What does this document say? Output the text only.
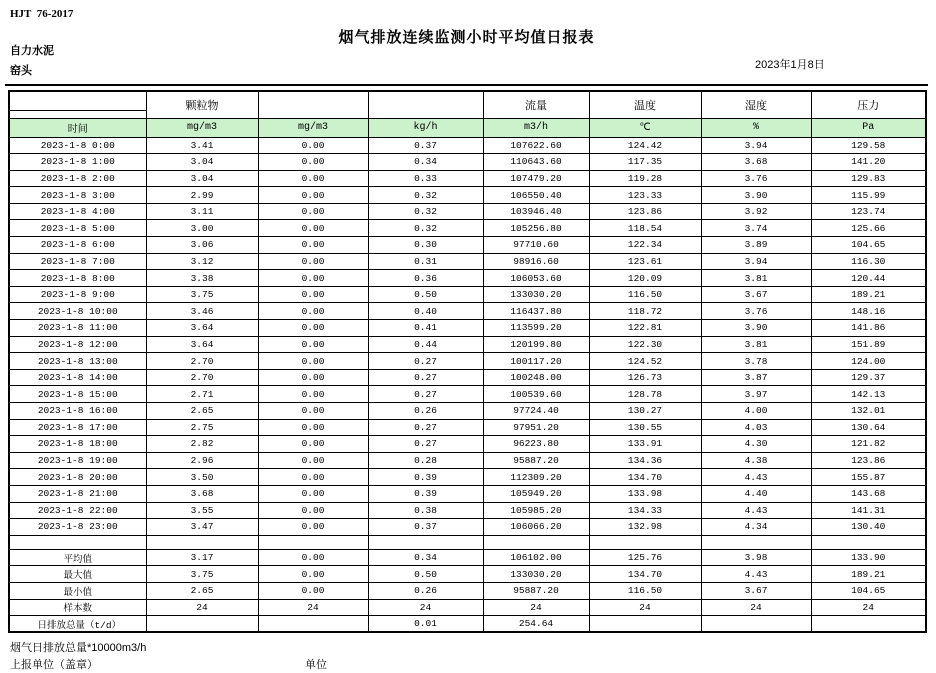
HJT  76-2017
烟气排放连续监测小时平均值日报表
自力水泥
窑头	2023年1月8日
	颗粒物			流量	温度	湿度	压力
时间	mg/m3	mg/m3	kg/h	m3/h	℃	%	Pa
2023-1-8 0:00	3.41	0.00	0.37	107622.60	124.42	3.94	129.58
2023-1-8 1:00	3.04	0.00	0.34	110643.60	117.35	3.68	141.20
2023-1-8 2:00	3.04	0.00	0.33	107479.20	119.28	3.76	129.83
2023-1-8 3:00	2.99	0.00	0.32	106550.40	123.33	3.90	115.99
2023-1-8 4:00	3.11	0.00	0.32	103946.40	123.86	3.92	123.74
2023-1-8 5:00	3.00	0.00	0.32	105256.80	118.54	3.74	125.66
2023-1-8 6:00	3.06	0.00	0.30	97710.60	122.34	3.89	104.65
2023-1-8 7:00	3.12	0.00	0.31	98916.60	123.61	3.94	116.30
2023-1-8 8:00	3.38	0.00	0.36	106053.60	120.09	3.81	120.44
2023-1-8 9:00	3.75	0.00	0.50	133030.20	116.50	3.67	189.21
2023-1-8 10:00	3.46	0.00	0.40	116437.80	118.72	3.76	148.16
2023-1-8 11:00	3.64	0.00	0.41	113599.20	122.81	3.90	141.86
2023-1-8 12:00	3.64	0.00	0.44	120199.80	122.30	3.81	151.89
2023-1-8 13:00	2.70	0.00	0.27	100117.20	124.52	3.78	124.00
2023-1-8 14:00	2.70	0.00	0.27	100248.00	126.73	3.87	129.37
2023-1-8 15:00	2.71	0.00	0.27	100539.60	128.78	3.97	142.13
2023-1-8 16:00	2.65	0.00	0.26	97724.40	130.27	4.00	132.01
2023-1-8 17:00	2.75	0.00	0.27	97951.20	130.55	4.03	130.64
2023-1-8 18:00	2.82	0.00	0.27	96223.80	133.91	4.30	121.82
2023-1-8 19:00	2.96	0.00	0.28	95887.20	134.36	4.38	123.86
2023-1-8 20:00	3.50	0.00	0.39	112309.20	134.70	4.43	155.87
2023-1-8 21:00	3.68	0.00	0.39	105949.20	133.98	4.40	143.68
2023-1-8 22:00	3.55	0.00	0.38	105985.20	134.33	4.43	141.31
2023-1-8 23:00	3.47	0.00	0.37	106066.20	132.98	4.34	130.40

平均值	3.17	0.00	0.34	106102.00	125.76	3.98	133.90
最大值	3.75	0.00	0.50	133030.20	134.70	4.43	189.21
最小值	2.65	0.00	0.26	95887.20	116.50	3.67	104.65
样本数	24	24	24	24	24	24	24
日排放总量（t/d）			0.01	254.64			
烟气日排放总量*10000m3/h
上报单位（盖章）	单位
